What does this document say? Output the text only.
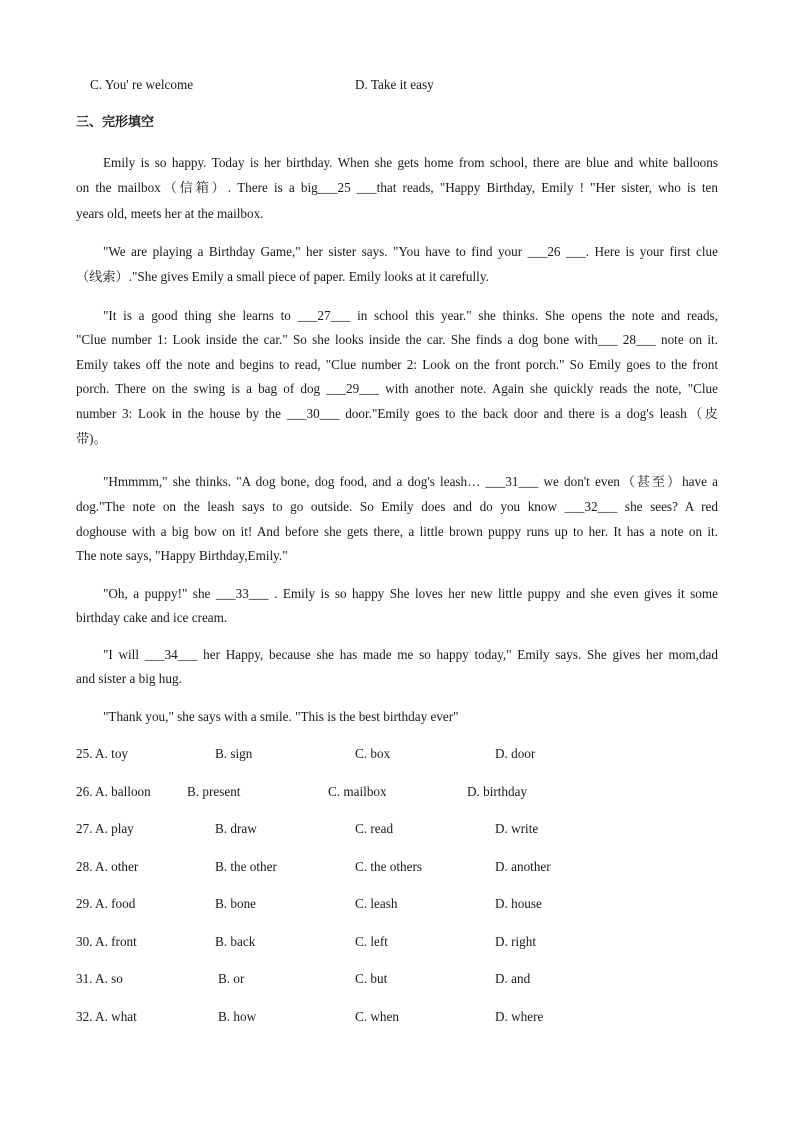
C. You' re welcome	D. Take it easy
三、完形填空
Emily is so happy. Today is her birthday. When she gets home from school, there are blue and white balloons
on the mailbox（信箱）. There is a big___25 ___that reads, "Happy Birthday, Emily ! "Her sister, who is ten
years old, meets her at the mailbox.
"We are playing a Birthday Game," her sister says. "You have to find your ___26 ___. Here is your first clue
（线索）."She gives Emily a small piece of paper. Emily looks at it carefully.
"It is a good thing she learns to ___27___ in school this year." she thinks. She opens the note and reads,
"Clue number 1: Look inside the car." So she looks inside the car. She finds a dog bone with___ 28___ note on it.
Emily takes off the note and begins to read, "Clue number 2: Look on the front porch." So Emily goes to the front
porch. There on the swing is a bag of dog ___29___ with another note. Again she quickly reads the note, "Clue
number 3: Look in the house by the ___30___ door."Emily goes to the back door and there is a dog's leash（皮
带)。
"Hmmmm," she thinks. "A dog bone, dog food, and a dog's leash… ___31___ we don't even（甚至）have a
dog."The note on the leash says to go outside. So Emily does and do you know ___32___ she sees? A red
doghouse with a big bow on it! And before she gets there, a little brown puppy runs up to her. It has a note on it.
The note says, "Happy Birthday,Emily."
"Oh, a puppy!" she ___33___ . Emily is so happy She loves her new little puppy and she even gives it some
birthday cake and ice cream.
"I will ___34___ her Happy, because she has made me so happy today," Emily says. She gives her mom,dad
and sister a big hug.
"Thank you," she says with a smile. "This is the best birthday ever"
25. A. toy	B. sign	C. box	D. door
26. A. balloon	B. present	C. mailbox	D. birthday
27. A. play	B. draw	C. read	D. write
28. A. other	B. the other	C. the others	D. another
29. A. food	B. bone	C. leash	D. house
30. A. front	B. back	C. left	D. right
31. A. so	B. or	C. but	D. and
32. A. what	B. how	C. when	D. where
